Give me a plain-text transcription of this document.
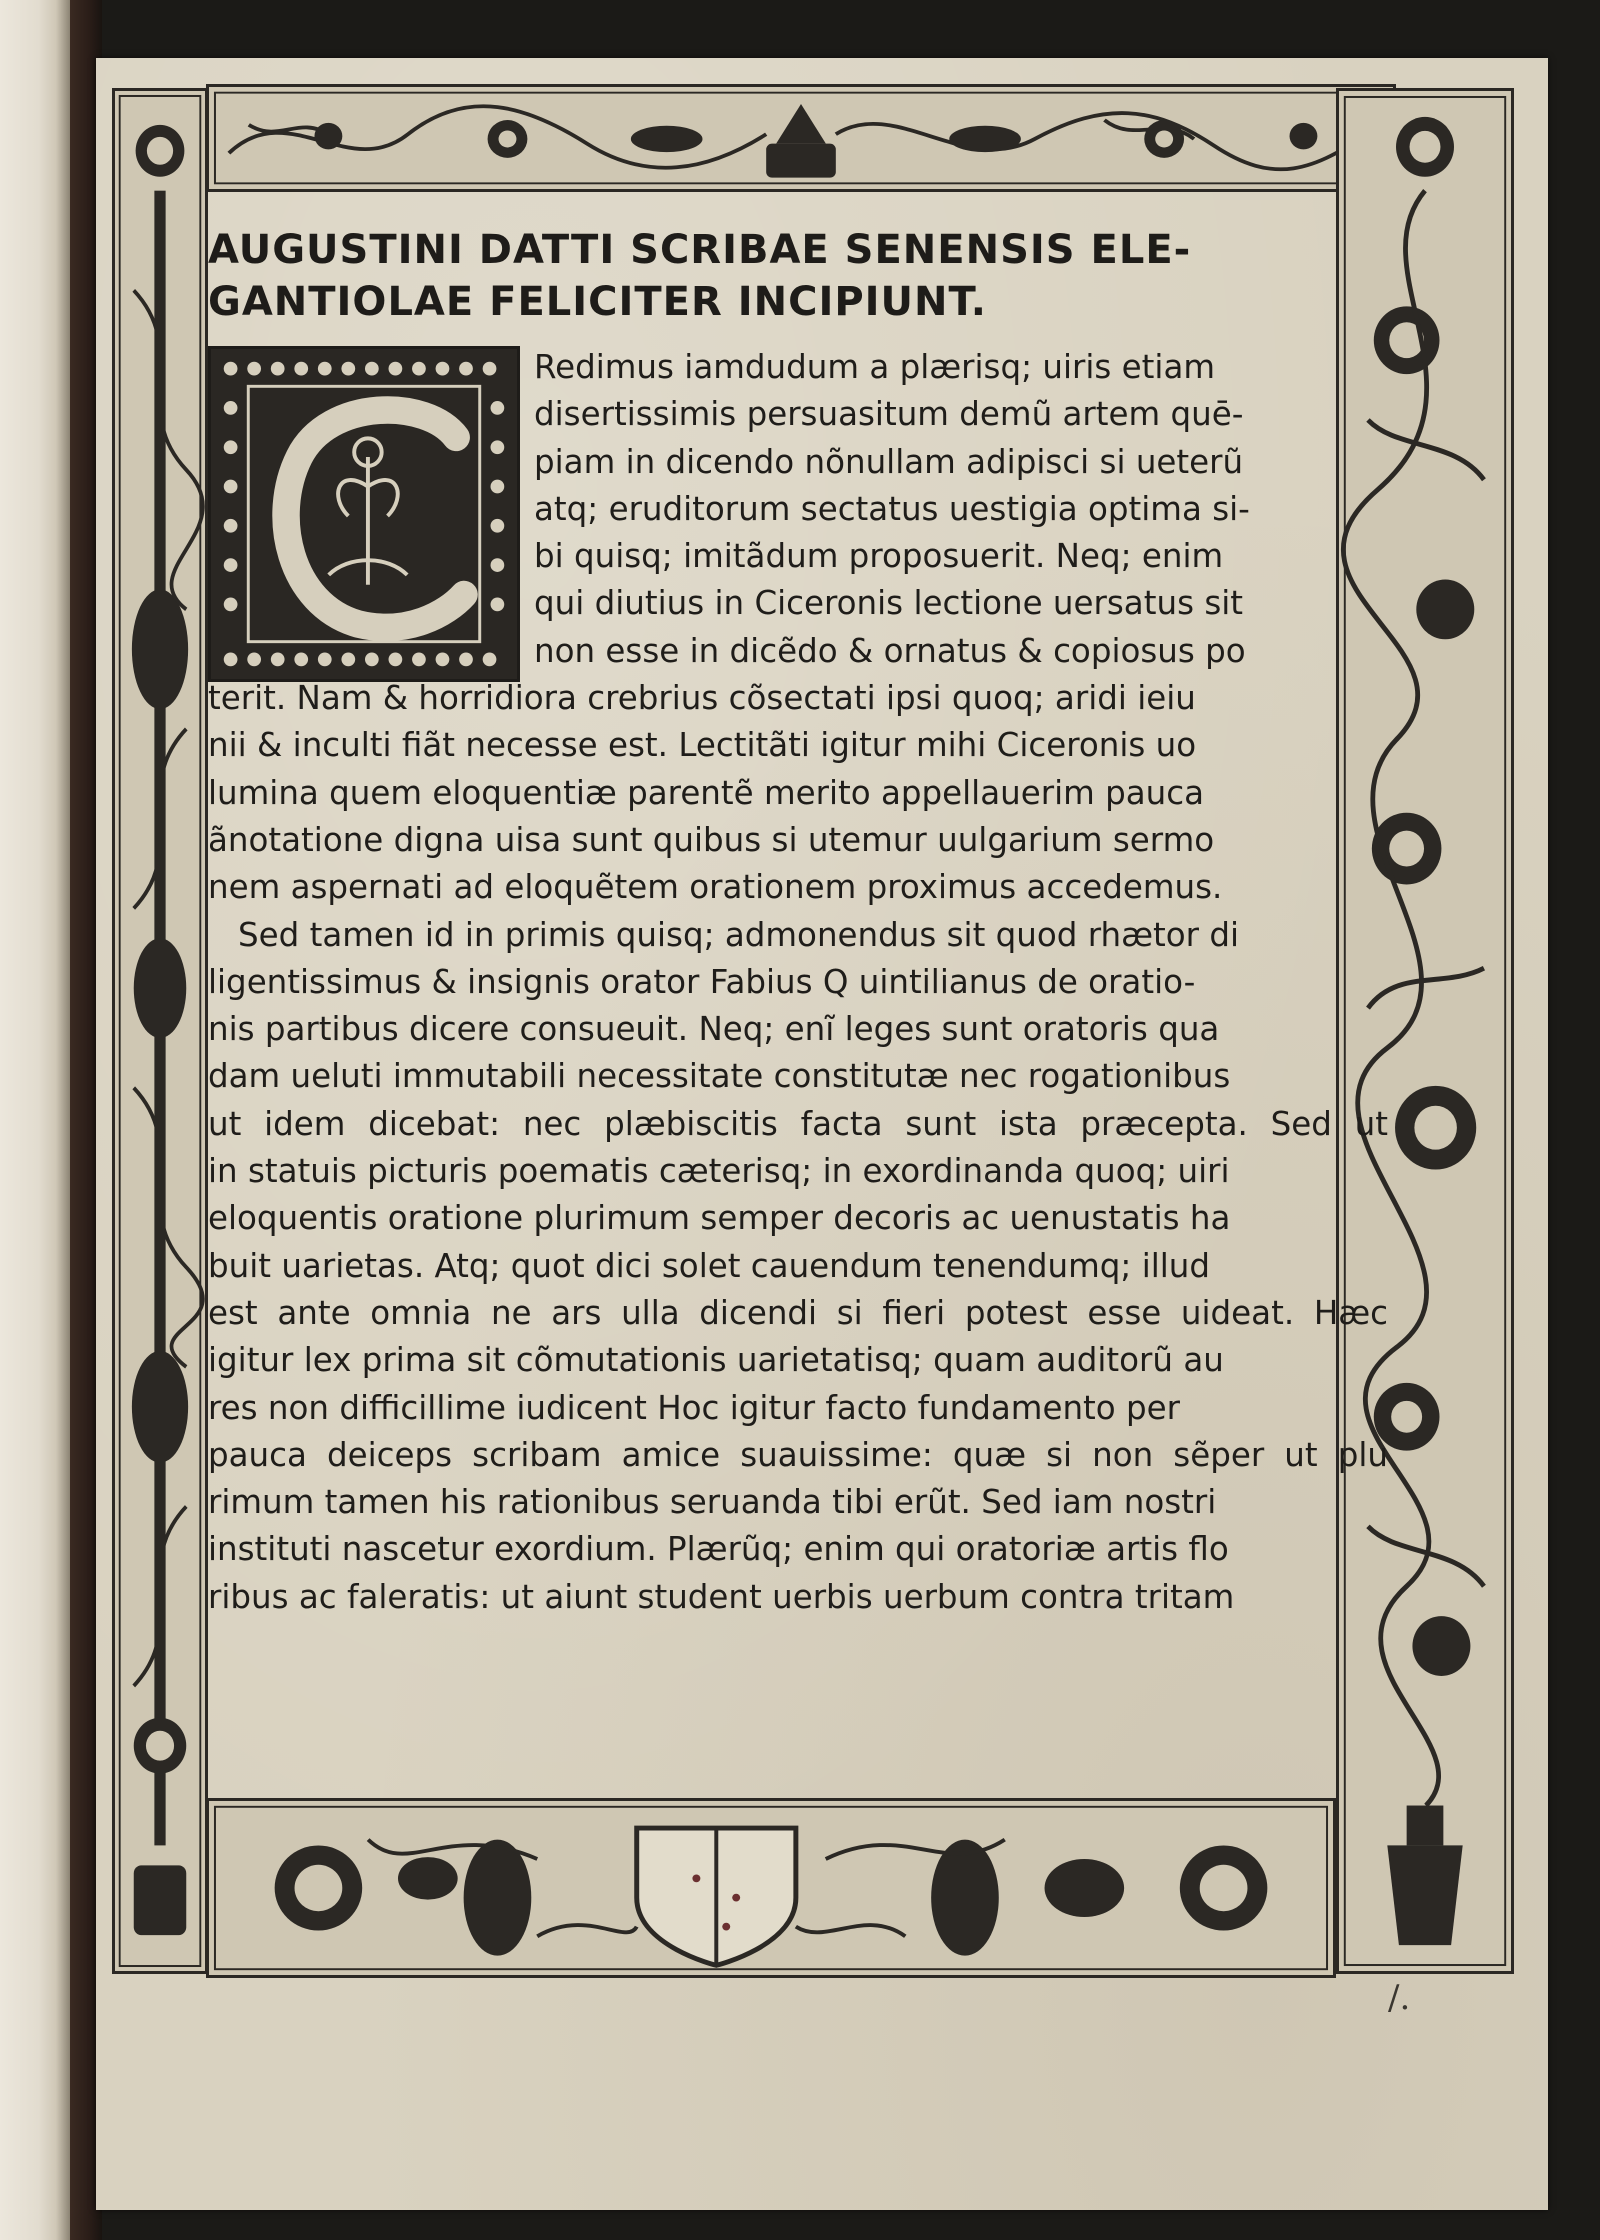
AUGUSTINI DATTI SCRIBAE SENENSIS ELE-
GANTIOLAE FELICITER INCIPIUNT.
Redimus iamdudum a plærisq; uiris etiam
disertissimis persuasitum demũ artem quē-
piam in dicendo nõnullam adipisci si ueterũ
atq; eruditorum sectatus uestigia optima si-
bi quisq; imitãdum proposuerit. Neq; enim
qui diutius in Ciceronis lectione uersatus sit
non esse in dicẽdo & ornatus & copiosus po
terit. Nam & horridiora crebrius cõsectati ipsi quoq; aridi ieiu
nii & inculti fiãt necesse est. Lectitãti igitur mihi Ciceronis uo
lumina quem eloquentiæ parentẽ merito appellauerim pauca
ãnotatione digna uisa sunt quibus si utemur uulgarium sermo
nem aspernati ad eloquẽtem orationem proximus accedemus.
Sed tamen id in primis quisq; admonendus sit quod rhætor di
ligentissimus & insignis orator Fabius Q uintilianus de oratio-
nis partibus dicere consueuit. Neq; enĩ leges sunt oratoris qua
dam ueluti immutabili necessitate constitutæ nec rogationibus
ut idem dicebat: nec plæbiscitis facta sunt ista præcepta. Sed ut
in statuis picturis poematis cæterisq; in exordinanda quoq; uiri
eloquentis oratione plurimum semper decoris ac uenustatis ha
buit uarietas. Atq; quot dici solet cauendum tenendumq; illud
est ante omnia ne ars ulla dicendi si fieri potest esse uideat. Hæc
igitur lex prima sit cõmutationis uarietatisq; quam auditorũ au
res non difficillime iudicent Hoc igitur facto fundamento per
pauca deiceps scribam amice suauissime: quæ si non sẽper ut plu
rimum tamen his rationibus seruanda tibi erũt. Sed iam nostri
instituti nascetur exordium. Plærũq; enim qui oratoriæ artis flo
ribus ac faleratis: ut aiunt student uerbis uerbum contra tritam
/.
